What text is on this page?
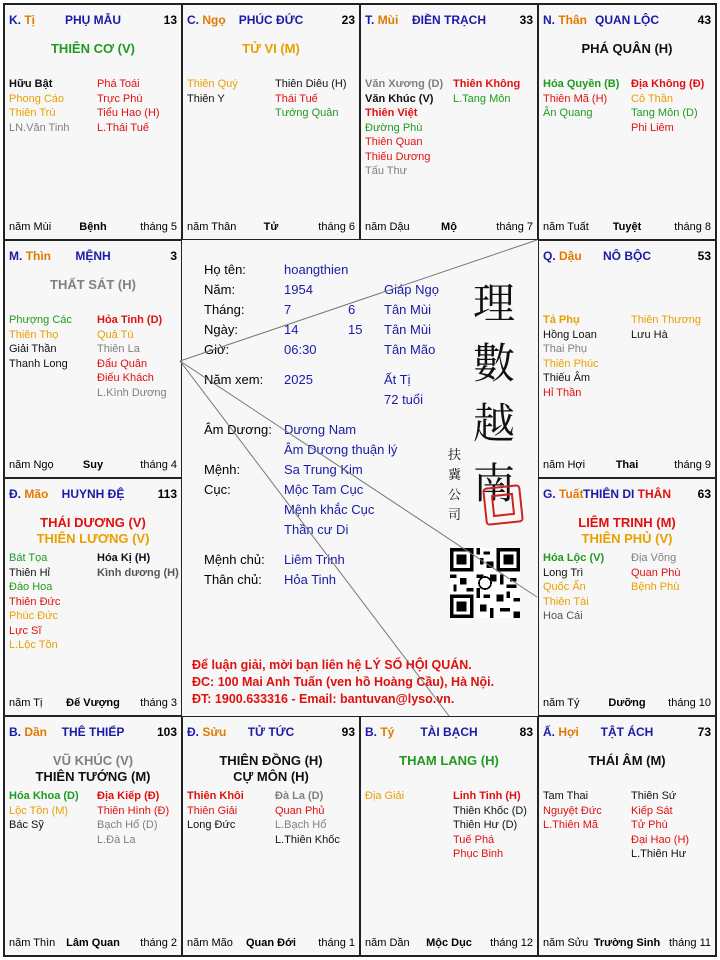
K. Tị	PHỤ MẪU	13
THIÊN CƠ (V)
Hữu Bật
Phong Cáo
Thiên Trù
LN.Văn Tinh
Phá Toái
Trực Phù
Tiểu Hao (H)
L.Thái Tuế
năm Mùi	Bệnh	tháng 5
C. Ngọ	PHÚC ĐỨC	23
TỬ VI (M)
Thiên Quý
Thiên Y
Thiên Diêu (H)
Thái Tuế
Tướng Quân
năm Thân	Tử	tháng 6
T. Mùi	ĐIỀN TRẠCH	33
Văn Xương (D)
Văn Khúc (V)
Thiên Việt
Đường Phù
Thiên Quan
Thiếu Dương
Tấu Thư
Thiên Không
L.Tang Môn
năm Dậu	Mộ	tháng 7
N. Thân QUAN LỘC	43
PHÁ QUÂN (H)
Hóa Quyền (B)
Thiên Mã (H)
Ân Quang
Địa Không (Đ)
Cô Thần
Tang Môn (D)
Phi Liêm
năm Tuất	Tuyệt	tháng 8
M. Thìn	MỆNH	3
THẤT SÁT (H)
Phượng Các
Thiên Thọ
Giải Thần
Thanh Long
Hỏa Tinh (D)
Quả Tú
Thiên La
Đẩu Quân
Điếu Khách
L.Kình Dương
năm Ngọ	Suy	tháng 4
Q. Dậu	NÔ BỘC	53
Tả Phụ
Hồng Loan
Thai Phụ
Thiên Phúc
Thiếu Âm
Hỉ Thần
Thiên Thương
Lưu Hà
năm Hợi	Thai	tháng 9
Đ. Mão	HUYNH ĐỆ	113
THÁI DƯƠNG (V)
THIÊN LƯƠNG (V)
Bát Tọa
Thiên Hỉ
Đào Hoa
Thiên Đức
Phúc Đức
Lực Sĩ
L.Lộc Tồn
Hóa Kị (H)
Kình dương (H)
năm Tị	Đế Vượng	tháng 3
G. Tuất THIÊN DI THÂN	63
LIÊM TRINH (M)
THIÊN PHỦ (V)
Hóa Lộc (V)
Long Trì
Quốc Ấn
Thiên Tài
Hoa Cái
Địa Võng
Quan Phù
Bệnh Phù
năm Tý	Dưỡng	tháng 10
B. Dần	THÊ THIẾP	103
VŨ KHÚC (V)
THIÊN TƯỚNG (M)
Hóa Khoa (D)
Lộc Tồn (M)
Bác Sỹ
Địa Kiếp (Đ)
Thiên Hình (Đ)
Bạch Hổ (D)
L.Đà La
năm Thìn Lâm Quan	tháng 2
Đ. Sửu	TỬ TỨC	93
THIÊN ĐỒNG (H)
CỰ MÔN (H)
Thiên Khôi
Thiên Giải
Long Đức
Đà La (D)
Quan Phủ
L.Bạch Hổ
L.Thiên Khốc
năm Mão	Quan Đới	tháng 1
B. Tý	TÀI BẠCH	83
THAM LANG (H)
Địa Giải	Linh Tinh (H)
Thiên Khốc (D)
Thiên Hư (D)
Tuế Phá
Phục Binh
năm Dần	Mộc Dục	tháng 12
Ấ. Hợi	TẬT ÁCH	73
THÁI ÂM (M)
Tam Thai
Nguyệt Đức
L.Thiên Mã
Thiên Sứ
Kiếp Sát
Tử Phù
Đại Hao (H)
L.Thiên Hư
năm Sửu Trường Sinh tháng 11
Họ tên:	hoangthien
Năm:	1954	Giáp Ngọ
Tháng:	7	6 Tân Mùi
Ngày:	14	15 Tân Mùi
Giờ:	06:30	Tân Mão
Năm xem: 2025	Ất Tị
72 tuổi
Âm Dương: Dương Nam
Âm Dương thuận lý
Mệnh:	Sa Trung Kim
Cục:	Mộc Tam Cục
Mệnh khắc Cục
Thần cư Di
Mệnh chủ: Liêm Trinh
Thân chủ: Hỏa Tinh
理
數
越
南
扶
冀
公
司
Để luận giải, mời bạn liên hệ LÝ SỐ HỘI QUÁN.
ĐC: 100 Mai Anh Tuấn (ven hồ Hoàng Cầu), Hà Nội.
ĐT: 1900.633316 - Email: bantuvan@lyso.vn.
